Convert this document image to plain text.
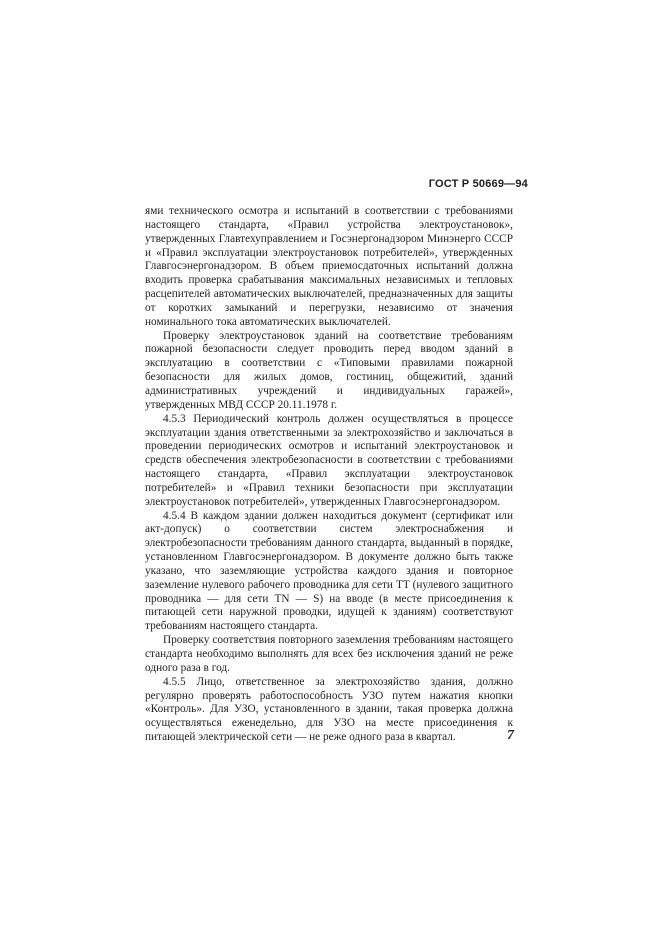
ГОСТ Р 50669—94

ями технического осмотра и испытаний в соответствии с требованиями настоящего стандарта, «Правил устройства электроустановок», утвержденных Главтехуправлением и Госэнергонадзором Минэнерго СССР и «Правил эксплуатации электроустановок потребителей», утвержденных Главгосэнергонадзором. В объем приемосдаточных испытаний должна входить проверка срабатывания максимальных независимых и тепловых расцепителей автоматических выключателей, предназначенных для защиты от коротких замыканий и перегрузки, независимо от значения номинального тока автоматических выключателей.

Проверку электроустановок зданий на соответствие требованиям пожарной безопасности следует проводить перед вводом зданий в эксплуатацию в соответствии с «Типовыми правилами пожарной безопасности для жилых домов, гостиниц, общежитий, зданий административных учреждений и индивидуальных гаражей», утвержденных МВД СССР 20.11.1978 г.

4.5.3 Периодический контроль должен осуществляться в процессе эксплуатации здания ответственными за электрохозяйство и заключаться в проведении периодических осмотров и испытаний электроустановок и средств обеспечения электробезопасности в соответствии с требованиями настоящего стандарта, «Правил эксплуатации электроустановок потребителей» и «Правил техники безопасности при эксплуатации электроустановок потребителей», утвержденных Главгосэнергонадзором.

4.5.4 В каждом здании должен находиться документ (сертификат или акт-допуск) о соответствии систем электроснабжения и электробезопасности требованиям данного стандарта, выданный в порядке, установленном Главгосэнергонадзором. В документе должно быть также указано, что заземляющие устройства каждого здания и повторное заземление нулевого рабочего проводника для сети TT (нулевого защитного проводника — для сети TN — S) на вводе (в месте присоединения к питающей сети наружной проводки, идущей к зданиям) соответствуют требованиям настоящего стандарта.

Проверку соответствия повторного заземления требованиям настоящего стандарта необходимо выполнять для всех без исключения зданий не реже одного раза в год.

4.5.5 Лицо, ответственное за электрохозяйство здания, должно регулярно проверять работоспособность УЗО путем нажатия кнопки «Контроль». Для УЗО, установленного в здании, такая проверка должна осуществляться еженедельно, для УЗО на месте присоединения к питающей электрической сети — не реже одного раза в квартал.	7
